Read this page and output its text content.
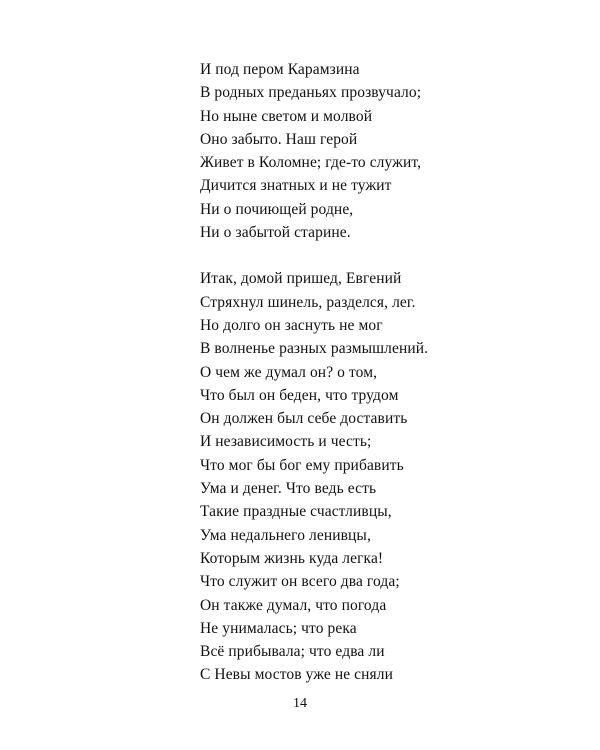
И под пером Карамзина
В родных преданьях прозвучало;
Но ныне светом и молвой
Оно забыто. Наш герой
Живет в Коломне; где-то служит,
Дичится знатных и не тужит
Ни о почиющей родне,
Ни о забытой старине.
Итак, домой пришед, Евгений
Стряхнул шинель, разделся, лег.
Но долго он заснуть не мог
В волненье разных размышлений.
О чем же думал он? о том,
Что был он беден, что трудом
Он должен был себе доставить
И независимость и честь;
Что мог бы бог ему прибавить
Ума и денег. Что ведь есть
Такие праздные счастливцы,
Ума недальнего ленивцы,
Которым жизнь куда легка!
Что служит он всего два года;
Он также думал, что погода
Не унималась; что река
Всё прибывала; что едва ли
С Невы мостов уже не сняли
14
